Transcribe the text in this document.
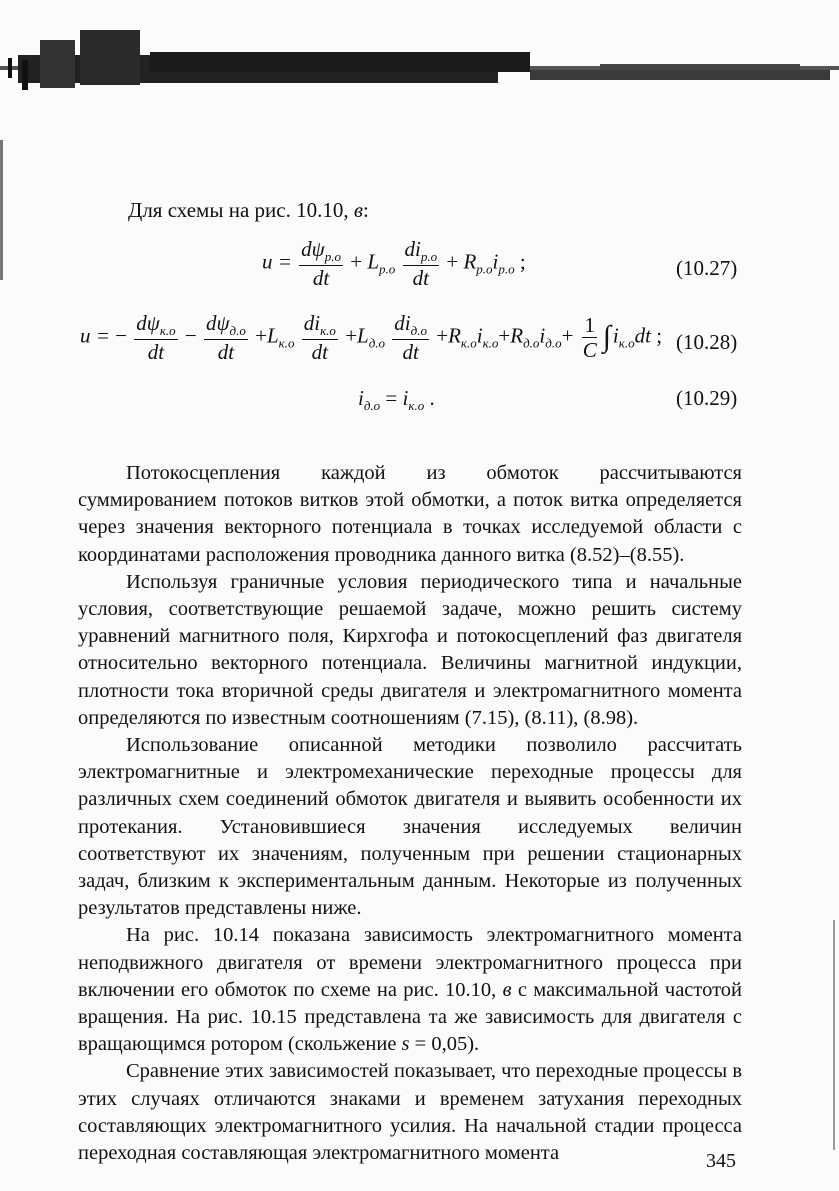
Для схемы на рис. 10.10, в:
$u = \frac{d\psi_{р.о}}{dt} + L_{р.о} \frac{di_{р.о}}{dt} + R_{р.о}i_{р.о}$ ;	(10.27)
u = − $\frac{d\psi_{к.о}}{dt} - \frac{d\psi_{д.о}}{dt} +L_{к.о} \frac{di_{к.о}}{dt} +L_{д.о} \frac{di_{д.о}}{dt} +R_{к.о}i_{к.о}+R_{д.о}i_{д.о}+ \frac{1}{C} \int i_{к.о}dt$ ; (10.28)
$i_{д.о} = i_{к.о}$ .	(10.29)

Потокосцепления каждой из обмоток рассчитываются суммированием потоков витков этой обмотки, а поток витка определяется через значения векторного потенциала в точках исследуемой области с координатами расположения проводника данного витка (8.52)–(8.55).

Используя граничные условия периодического типа и начальные условия, соответствующие решаемой задаче, можно решить систему уравнений магнитного поля, Кирхгофа и потокосцеплений фаз двигателя относительно векторного потенциала. Величины магнитной индукции, плотности тока вторичной среды двигателя и электромагнитного момента определяются по известным соотношениям (7.15), (8.11), (8.98).

Использование описанной методики позволило рассчитать электромагнитные и электромеханические переходные процессы для различных схем соединений обмоток двигателя и выявить особенности их протекания. Установившиеся значения исследуемых величин соответствуют их значениям, полученным при решении стационарных задач, близким к экспериментальным данным. Некоторые из полученных результатов представлены ниже.

На рис. 10.14 показана зависимость электромагнитного момента неподвижного двигателя от времени электромагнитного процесса при включении его обмоток по схеме на рис. 10.10, в с максимальной частотой вращения. На рис. 10.15 представлена та же зависимость для двигателя с вращающимся ротором (скольжение s = 0,05).

Сравнение этих зависимостей показывает, что переходные процессы в этих случаях отличаются знаками и временем затухания переходных составляющих электромагнитного усилия. На начальной стадии процесса переходная составляющая электромагнитного момента	345
